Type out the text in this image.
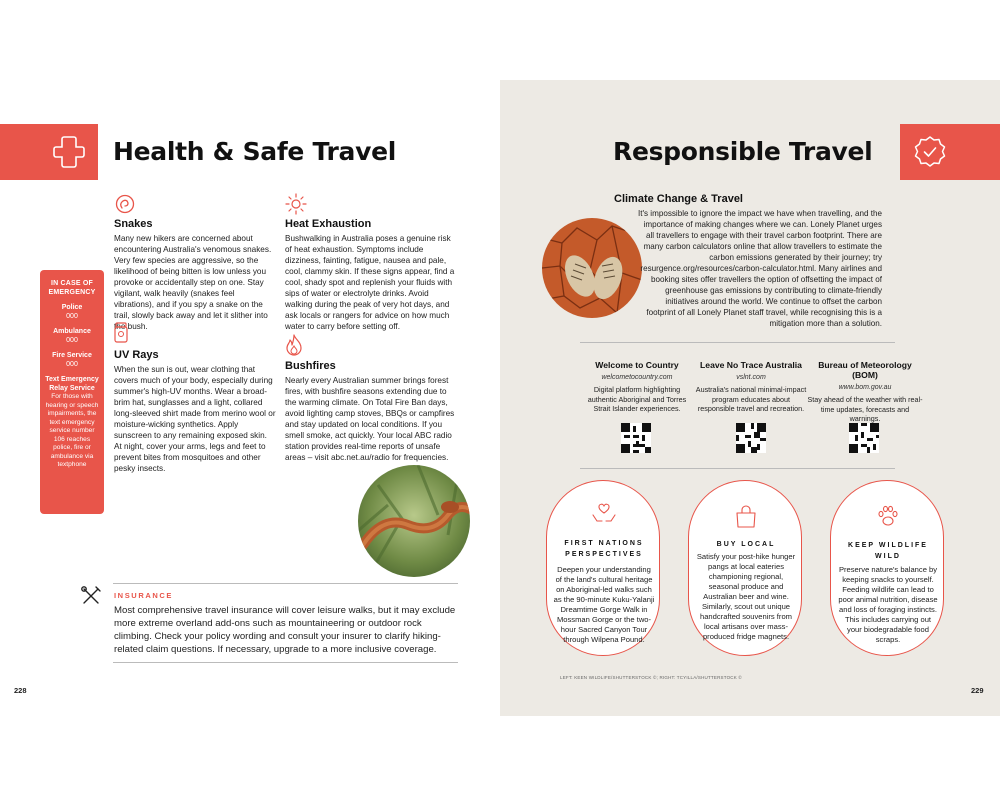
Health & Safe Travel	Responsible Travel
IN CASE OF EMERGENCY
Police
000
Ambulance
000
Fire Service
000
Text Emergency Relay Service
For those with hearing or speech impairments, the text emergency service number 106 reaches police, fire or ambulance via textphone
Snakes

Many new hikers are concerned about encountering Australia's venomous snakes. Very few species are aggressive, so the likelihood of being bitten is low unless you provoke or accidentally step on one. Stay vigilant, walk heavily (snakes feel vibrations), and if you spy a snake on the trail, slowly back away and let it slither into the bush.

UV Rays

When the sun is out, wear clothing that covers much of your body, especially during summer's high-UV months. Wear a broad-brim hat, sunglasses and a light, collared long-sleeved shirt made from merino wool or moisture-wicking synthetics. Apply sunscreen to any remaining exposed skin. At night, cover your arms, legs and feet to prevent bites from mosquitoes and other pesky insects.

Heat Exhaustion

Bushwalking in Australia poses a genuine risk of heat exhaustion. Symptoms include dizziness, fainting, fatigue, nausea and pale, cool, clammy skin. If these signs appear, find a cool, shady spot and replenish your fluids with sips of water or electrolyte drinks. Avoid walking during the peak of very hot days, and ask locals or rangers for advice on how much water to carry before setting off.

Bushfires

Nearly every Australian summer brings forest fires, with bushfire seasons extending due to the warming climate. On Total Fire Ban days, avoid lighting camp stoves, BBQs or campfires and stay updated on local conditions. If you smell smoke, act quickly. Your local ABC radio station provides real-time reports of unsafe areas – visit abc.net.au/radio for frequencies.

INSURANCE

Most comprehensive travel insurance will cover leisure walks, but it may exclude more extreme overland add-ons such as mountaineering or outdoor rock climbing. Check your policy wording and consult your insurer to clarify hiking-related claim questions. If necessary, upgrade to a more inclusive coverage.

228
Climate Change & Travel

It's impossible to ignore the impact we have when travelling, and the importance of making changes where we can. Lonely Planet urges all travellers to engage with their travel carbon footprint. There are many carbon calculators online that allow travellers to estimate the carbon emissions generated by their journey; try resurgence.org/resources/carbon-calculator.html. Many airlines and booking sites offer travellers the option of offsetting the impact of greenhouse gas emissions by contributing to climate-friendly initiatives around the world. We continue to offset the carbon footprint of all Lonely Planet staff travel, while recognising this is a mitigation more than a solution.

Welcome to Country
welcometocountry.com
Digital platform highlighting authentic Aboriginal and Torres Strait Islander experiences.
Leave No Trace Australia
vslnt.com
Australia's national minimal-impact program educates about responsible travel and recreation.
Bureau of Meteorology (BOM)
www.bom.gov.au
Stay ahead of the weather with real-time updates, forecasts and warnings.
FIRST NATIONS PERSPECTIVES

Deepen your understanding of the land's cultural heritage on Aboriginal-led walks such as the 90-minute Kuku-Yalanji Dreamtime Gorge Walk in Mossman Gorge or the two-hour Sacred Canyon Tour through Wilpena Pound.

BUY LOCAL

Satisfy your post-hike hunger pangs at local eateries championing regional, seasonal produce and Australian beer and wine. Similarly, scout out unique handcrafted souvenirs from local artisans over mass-produced fridge magnets.

KEEP WILDLIFE WILD

Preserve nature's balance by keeping snacks to yourself. Feeding wildlife can lead to poor animal nutrition, disease and loss of foraging instincts. This includes carrying out your biodegradable food scraps.

LEFT: KEEN WILDLIFE/SHUTTERSTOCK ©; RIGHT: TCYILLA/SHUTTERSTOCK ©
229
